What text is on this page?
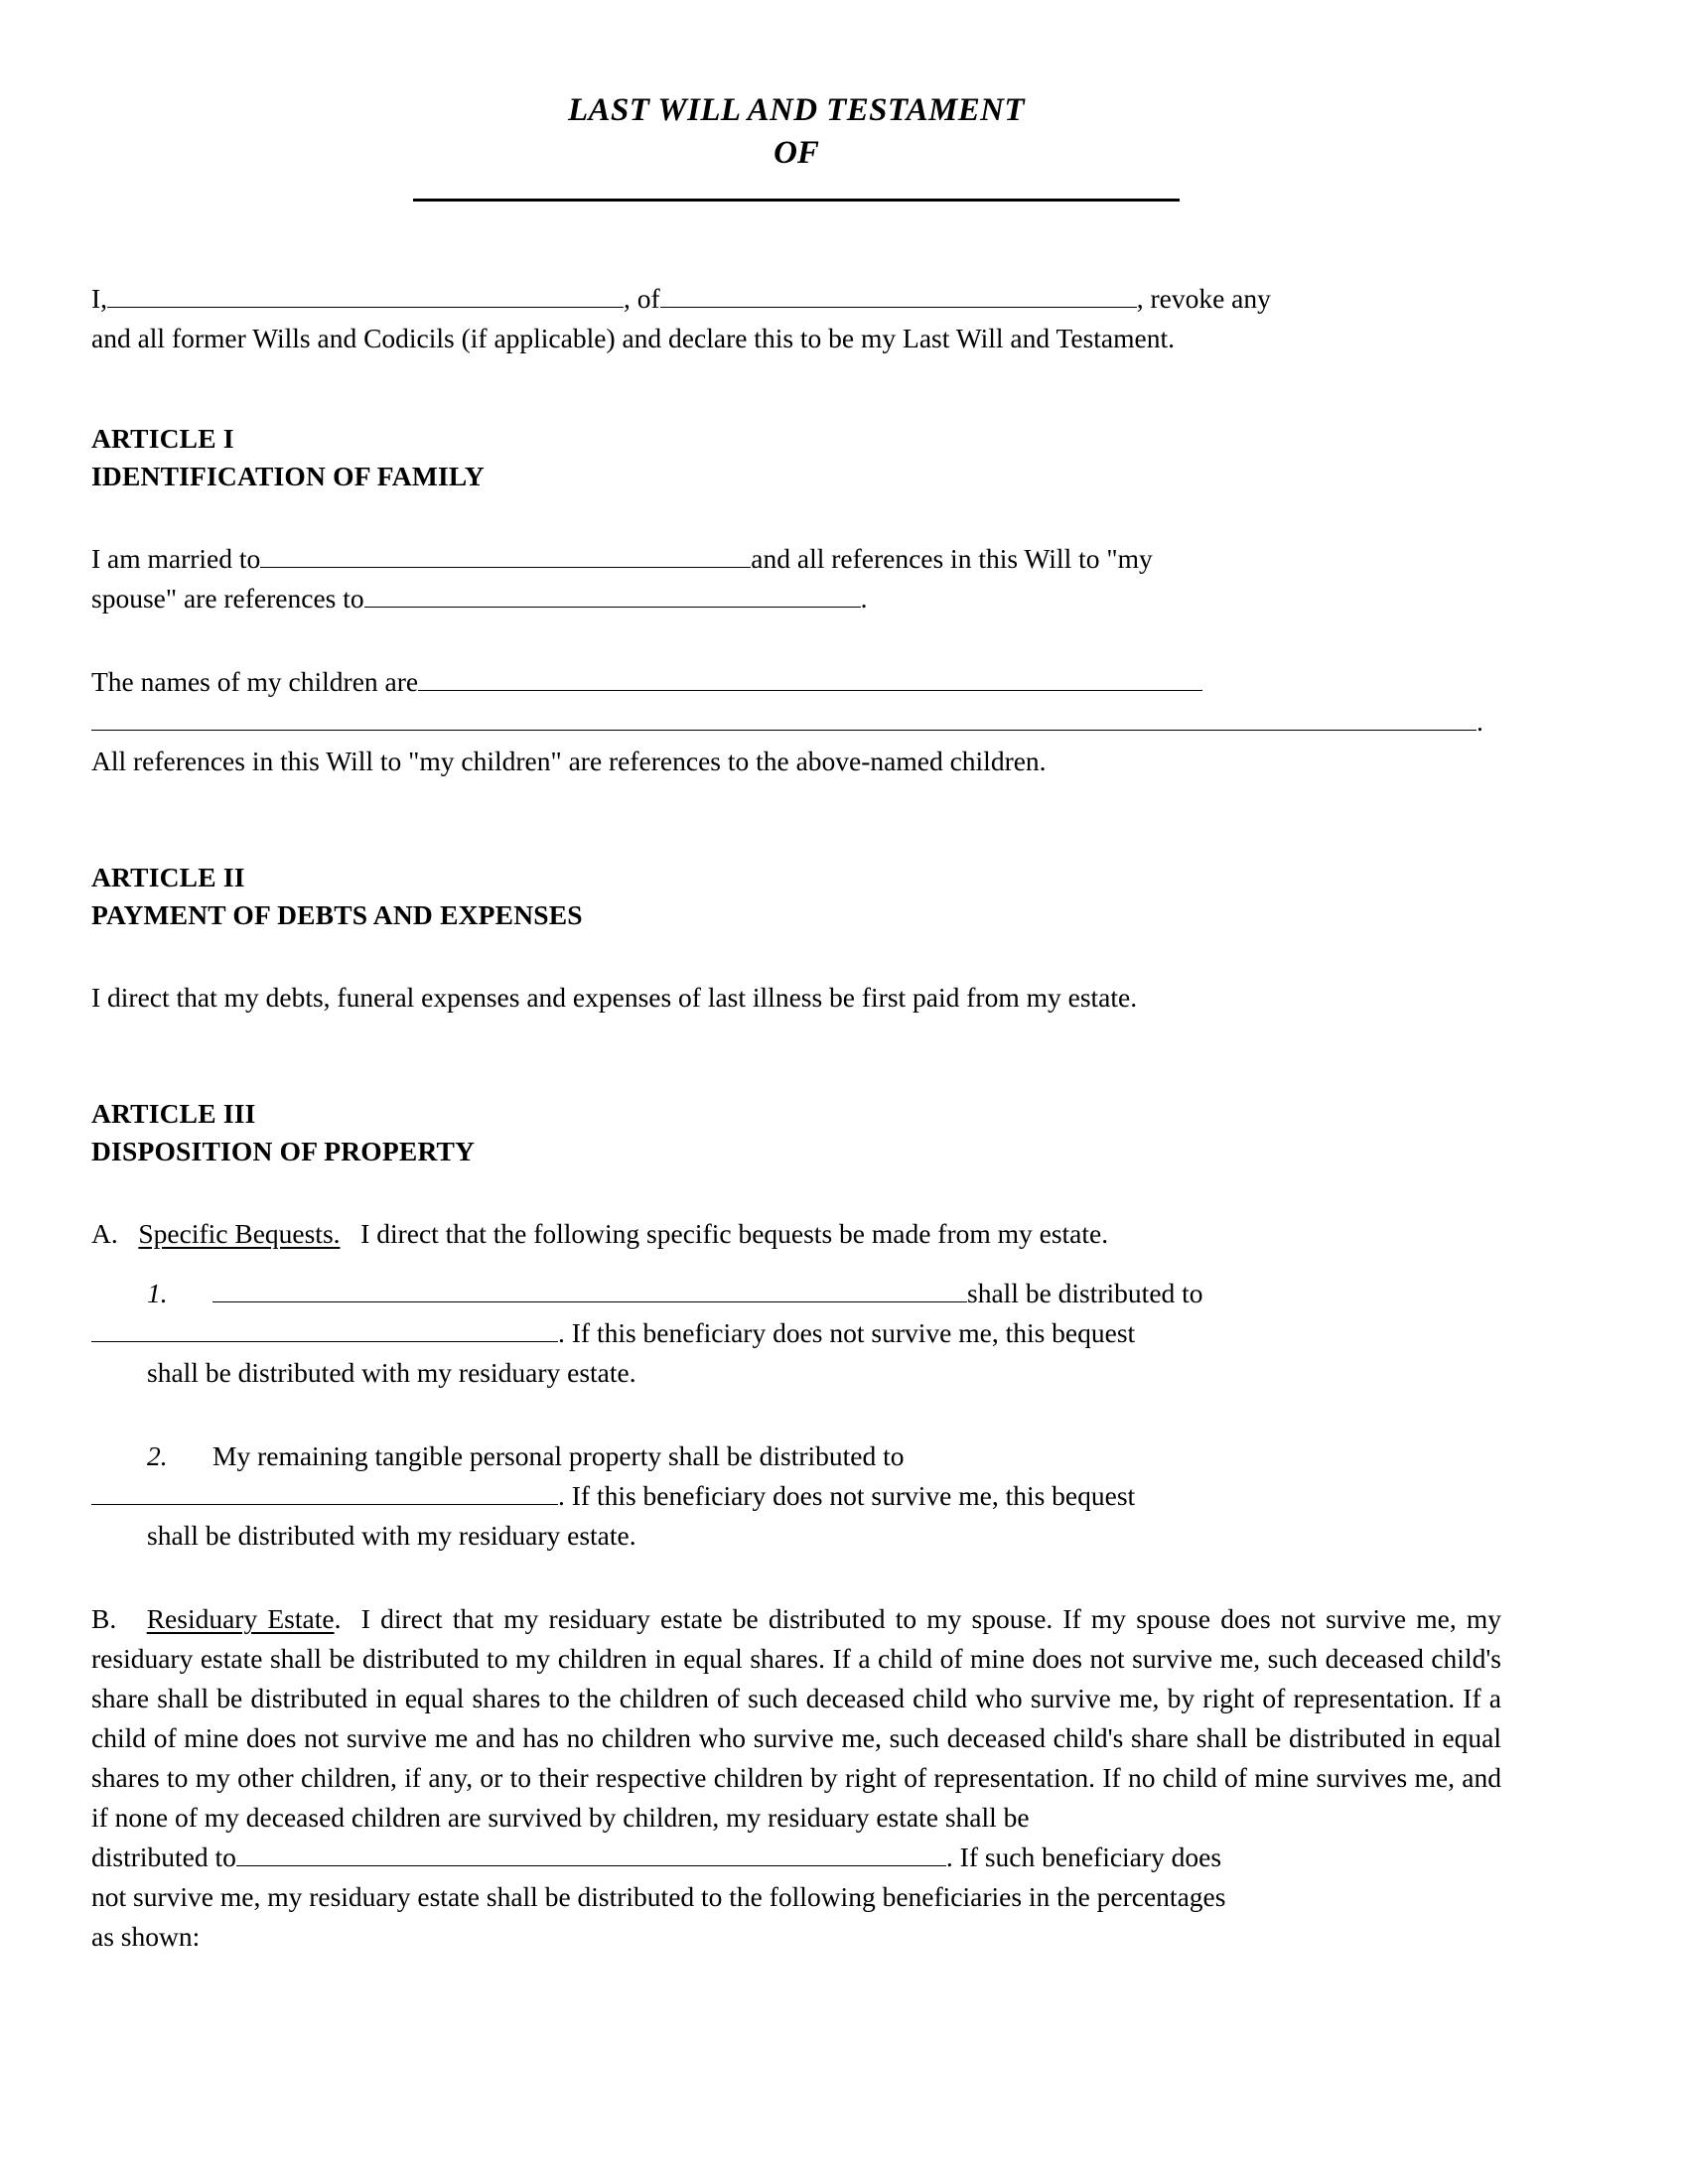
LAST WILL AND TESTAMENT
OF
I,	, of	, revoke any

and all former Wills and Codicils (if applicable) and declare this to be my Last Will and Testament.

ARTICLE I
IDENTIFICATION OF FAMILY
I am married to	and all references in this Will to "my
spouse" are references to	.
The names of my children are
.

All references in this Will to "my children" are references to the above-named children.

ARTICLE II
PAYMENT OF DEBTS AND EXPENSES

I direct that my debts, funeral expenses and expenses of last illness be first paid from my estate.

ARTICLE III
DISPOSITION OF PROPERTY

A. Specific Bequests. I direct that the following specific bequests be made from my estate.

1.	shall be distributed to
. If this beneficiary does not survive me, this bequest

shall be distributed with my residuary estate.

2.	My remaining tangible personal property shall be distributed to
. If this beneficiary does not survive me, this bequest

shall be distributed with my residuary estate.

B. Residuary Estate. I direct that my residuary estate be distributed to my spouse. If my spouse does not survive me, my residuary estate shall be distributed to my children in equal shares. If a child of mine does not survive me, such deceased child's share shall be distributed in equal shares to the children of such deceased child who survive me, by right of representation. If a child of mine does not survive me and has no children who survive me, such deceased child's share shall be distributed in equal shares to my other children, if any, or to their respective children by right of representation. If no child of mine survives me, and if none of my deceased children are survived by children, my residuary estate shall be

distributed to	. If such beneficiary does

not survive me, my residuary estate shall be distributed to the following beneficiaries in the percentages

as shown:
